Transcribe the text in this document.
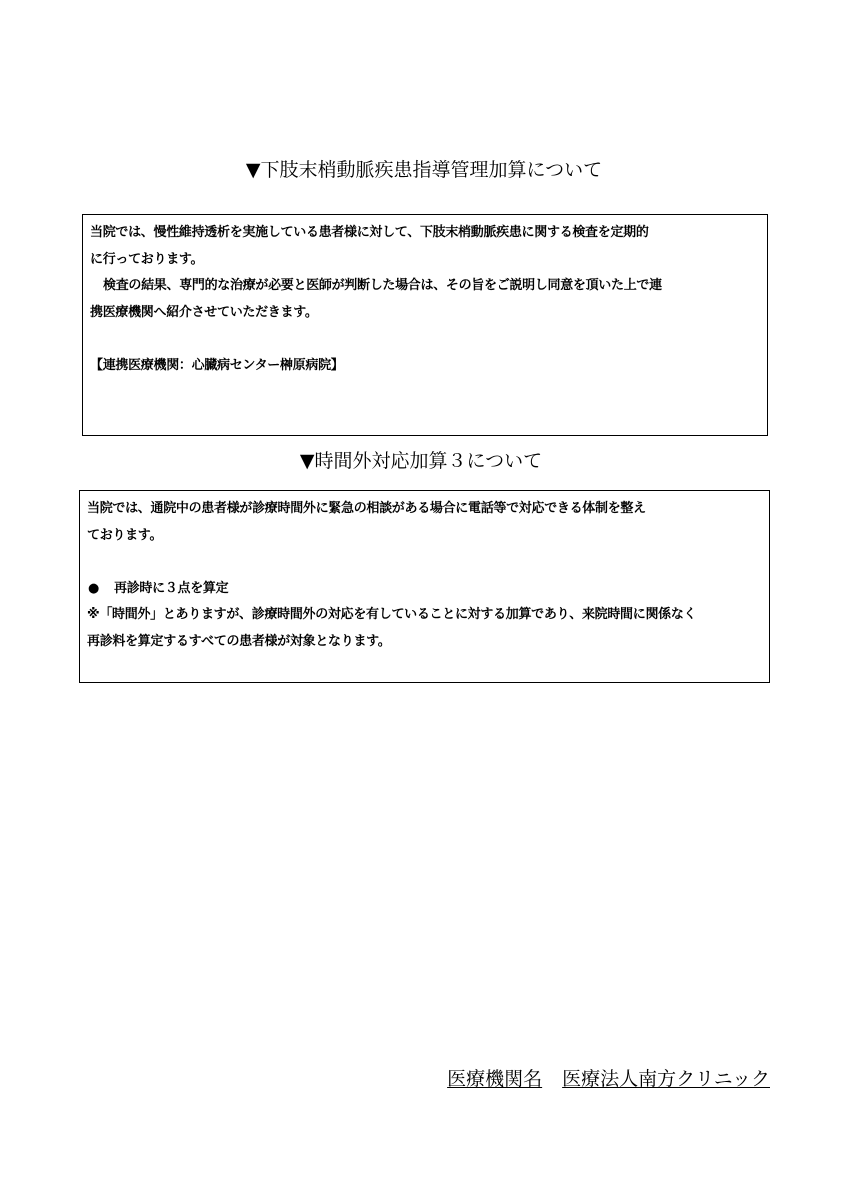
▼下肢末梢動脈疾患指導管理加算について

当院では、慢性維持透析を実施している患者様に対して、下肢末梢動脈疾患に関する検査を定期的

に行っております。

検査の結果、専門的な治療が必要と医師が判断した場合は、その旨をご説明し同意を頂いた上で連

携医療機関へ紹介させていただきます。

【連携医療機関：心臓病センター榊原病院】

▼時間外対応加算３について

当院では、通院中の患者様が診療時間外に緊急の相談がある場合に電話等で対応できる体制を整え

ております。

● 再診時に３点を算定

※「時間外」とありますが、診療時間外の対応を有していることに対する加算であり、来院時間に関係なく

再診料を算定するすべての患者様が対象となります。

医療機関名 医療法人南方クリニック
